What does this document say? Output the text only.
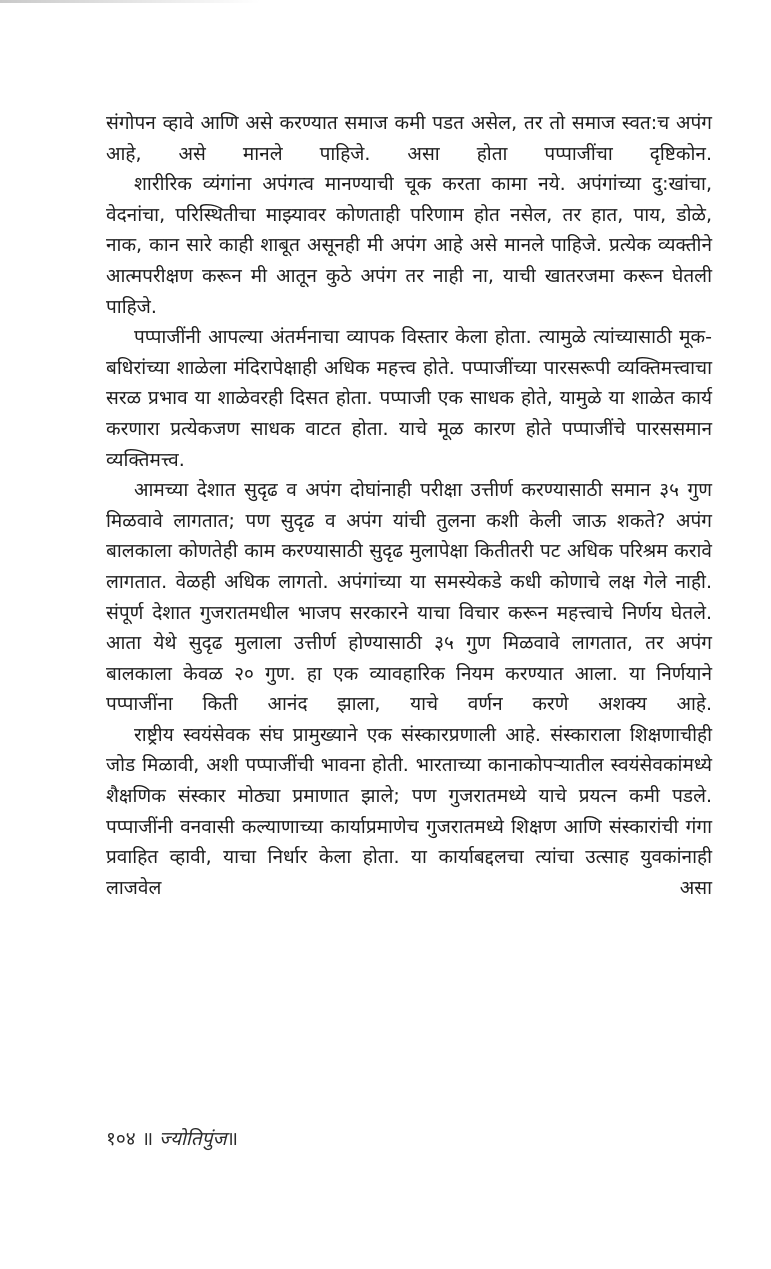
संगोपन व्हावे आणि असे करण्यात समाज कमी पडत असेल, तर तो समाज स्वत:च अपंग आहे, असे मानले पाहिजे. असा होता पप्पाजींचा दृष्टिकोन.

शारीरिक व्यंगांना अपंगत्व मानण्याची चूक करता कामा नये. अपंगांच्या दु:खांचा, वेदनांचा, परिस्थितीचा माझ्यावर कोणताही परिणाम होत नसेल, तर हात, पाय, डोळे, नाक, कान सारे काही शाबूत असूनही मी अपंग आहे असे मानले पाहिजे. प्रत्येक व्यक्तीने आत्मपरीक्षण करून मी आतून कुठे अपंग तर नाही ना, याची खातरजमा करून घेतली पाहिजे.

पप्पाजींनी आपल्या अंतर्मनाचा व्यापक विस्तार केला होता. त्यामुळे त्यांच्यासाठी मूक-बधिरांच्या शाळेला मंदिरापेक्षाही अधिक महत्त्व होते. पप्पाजींच्या पारसरूपी व्यक्तिमत्त्वाचा सरळ प्रभाव या शाळेवरही दिसत होता. पप्पाजी एक साधक होते, यामुळे या शाळेत कार्य करणारा प्रत्येकजण साधक वाटत होता. याचे मूळ कारण होते पप्पाजींचे पारससमान व्यक्तिमत्त्व.

आमच्या देशात सुदृढ व अपंग दोघांनाही परीक्षा उत्तीर्ण करण्यासाठी समान ३५ गुण मिळवावे लागतात; पण सुदृढ व अपंग यांची तुलना कशी केली जाऊ शकते? अपंग बालकाला कोणतेही काम करण्यासाठी सुदृढ मुलापेक्षा कितीतरी पट अधिक परिश्रम करावे लागतात. वेळही अधिक लागतो. अपंगांच्या या समस्येकडे कधी कोणाचे लक्ष गेले नाही. संपूर्ण देशात गुजरातमधील भाजप सरकारने याचा विचार करून महत्त्वाचे निर्णय घेतले. आता येथे सुदृढ मुलाला उत्तीर्ण होण्यासाठी ३५ गुण मिळवावे लागतात, तर अपंग बालकाला केवळ २० गुण. हा एक व्यावहारिक नियम करण्यात आला. या निर्णयाने पप्पाजींना किती आनंद झाला, याचे वर्णन करणे अशक्य आहे.

राष्ट्रीय स्वयंसेवक संघ प्रामुख्याने एक संस्कारप्रणाली आहे. संस्काराला शिक्षणाचीही जोड मिळावी, अशी पप्पाजींची भावना होती. भारताच्या कानाकोपऱ्यातील स्वयंसेवकांमध्ये शैक्षणिक संस्कार मोठ्या प्रमाणात झाले; पण गुजरातमध्ये याचे प्रयत्न कमी पडले. पप्पाजींनी वनवासी कल्याणाच्या कार्याप्रमाणेच गुजरातमध्ये शिक्षण आणि संस्कारांची गंगा प्रवाहित व्हावी, याचा निर्धार केला होता. या कार्याबद्दलचा त्यांचा उत्साह युवकांनाही लाजवेल असा

१०४ ॥ ज्योतिपुंज॥
